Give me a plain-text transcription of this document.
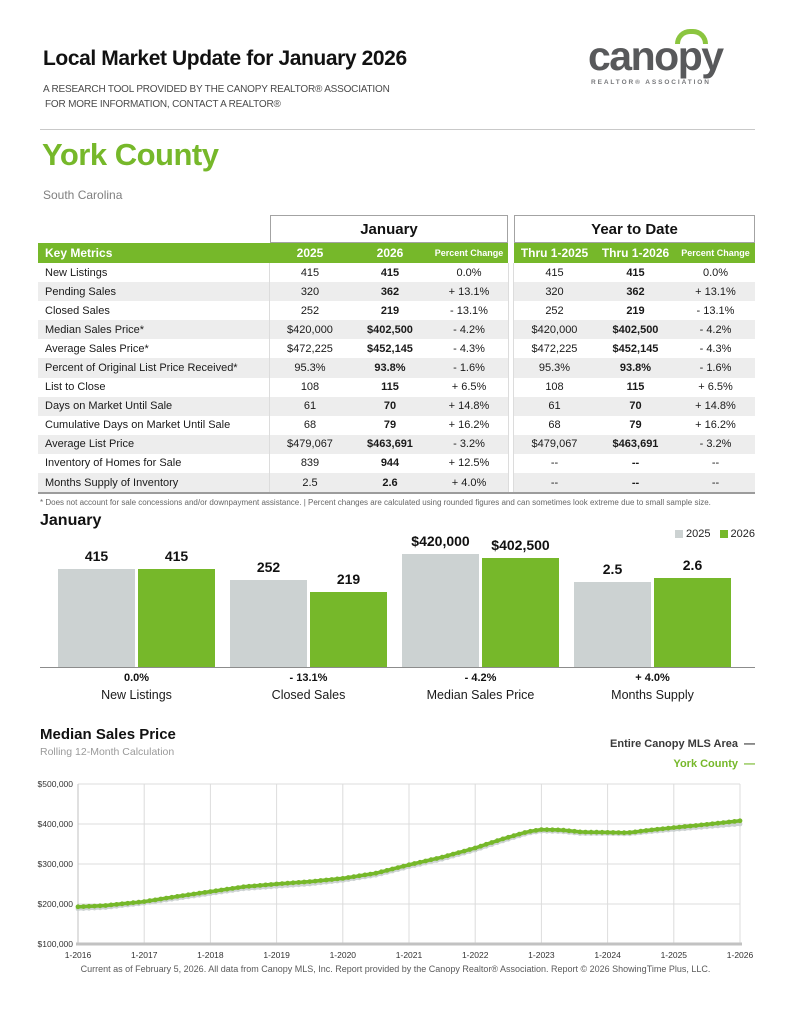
Local Market Update for January 2026
A RESEARCH TOOL PROVIDED BY THE CANOPY REALTOR® ASSOCIATION
FOR MORE INFORMATION, CONTACT A REALTOR®
canopy
REALTOR® ASSOCIATION
York County
South Carolina
January	Year to Date
Key Metrics	2025	2026	Percent Change	Thru 1-2025	Thru 1-2026	Percent Change
New Listings	415	415	0.0%	415	415	0.0%
Pending Sales	320	362	+ 13.1%	320	362	+ 13.1%
Closed Sales	252	219	- 13.1%	252	219	- 13.1%
Median Sales Price*	$420,000	$402,500	- 4.2%	$420,000	$402,500	- 4.2%
Average Sales Price*	$472,225	$452,145	- 4.3%	$472,225	$452,145	- 4.3%
Percent of Original List Price Received*	95.3%	93.8%	- 1.6%	95.3%	93.8%	- 1.6%
List to Close	108	115	+ 6.5%	108	115	+ 6.5%
Days on Market Until Sale	61	70	+ 14.8%	61	70	+ 14.8%
Cumulative Days on Market Until Sale	68	79	+ 16.2%	68	79	+ 16.2%
Average List Price	$479,067	$463,691	- 3.2%	$479,067	$463,691	- 3.2%
Inventory of Homes for Sale	839	944	+ 12.5%	--	--	--
Months Supply of Inventory	2.5	2.6	+ 4.0%	--	--	--
* Does not account for sale concessions and/or downpayment assistance. | Percent changes are calculated using rounded figures and can sometimes look extreme due to small sample size.
January
2025 2026
415	415
252
219
$420,000 $402,500
2.5	2.6
0.0%
New Listings
- 13.1%
Closed Sales
- 4.2%
Median Sales Price
+ 4.0%
Months Supply
Median Sales Price
Rolling 12-Month Calculation
Entire Canopy MLS Area —
York County —
$500,000
$400,000
$300,000
$200,000
$100,000
1-2016	1-2017	1-2018	1-2019	1-2020	1-2021	1-2022	1-2023	1-2024	1-2025	1-2026
Current as of February 5, 2026. All data from Canopy MLS, Inc. Report provided by the Canopy Realtor® Association. Report © 2026 ShowingTime Plus, LLC.
